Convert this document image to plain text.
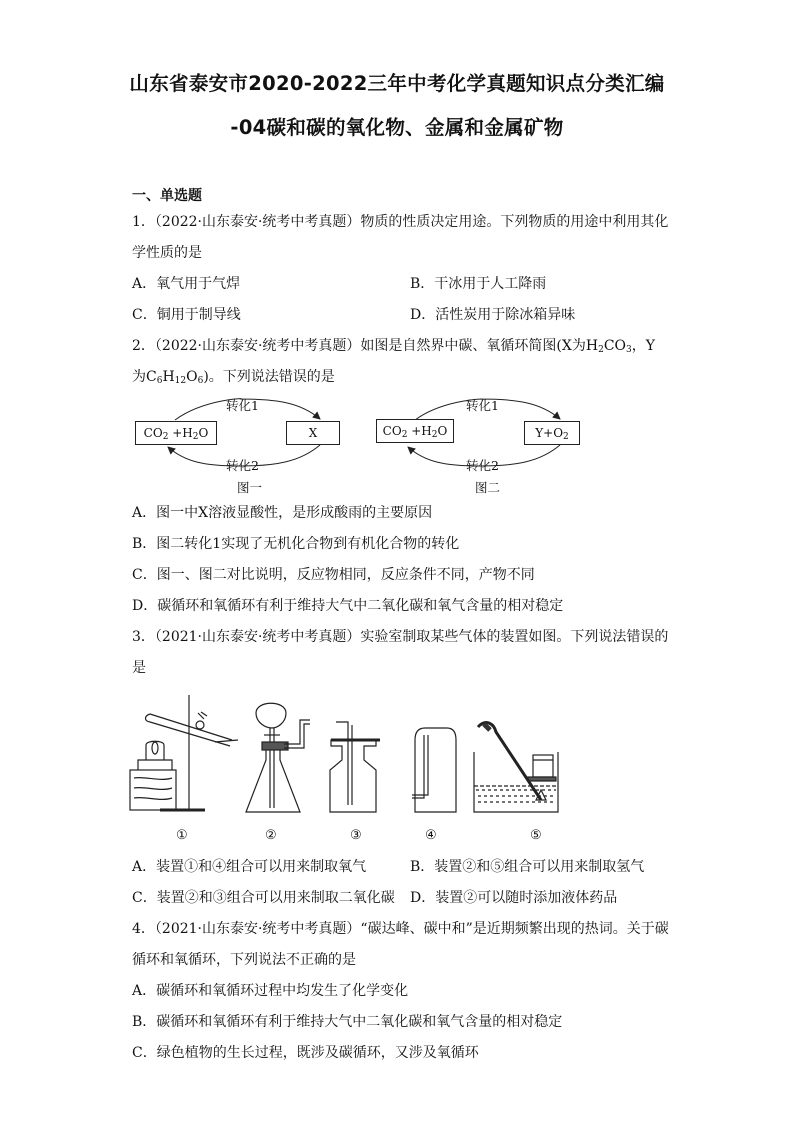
山东省泰安市2020-2022三年中考化学真题知识点分类汇编
-04碳和碳的氧化物、金属和金属矿物
一、单选题
1．（2022·山东泰安·统考中考真题）物质的性质决定用途。下列物质的用途中利用其化
学性质的是
A．氧气用于气焊	B．干冰用于人工降雨
C．铜用于制导线	D．活性炭用于除冰箱异味
2．（2022·山东泰安·统考中考真题）如图是自然界中碳、氧循环简图(X为$H_2CO_3$，Y
为$C_6H_{12}O_6$)。下列说法错误的是
转化1
$CO_2 +H_2O$	X
转化2
图一
转化1
$CO_2 +H_2O$	$Y+O_2$
转化2
图二
A．图一中X溶液显酸性，是形成酸雨的主要原因
B．图二转化1实现了无机化合物到有机化合物的转化
C．图一、图二对比说明，反应物相同，反应条件不同，产物不同
D．碳循环和氧循环有利于维持大气中二氧化碳和氧气含量的相对稳定
3．（2021·山东泰安·统考中考真题）实验室制取某些气体的装置如图。下列说法错误的
是
①	②	③	④	⑤
A．装置①和④组合可以用来制取氧气	B．装置②和⑤组合可以用来制取氢气
C．装置②和③组合可以用来制取二氧化碳 D．装置②可以随时添加液体药品
4．（2021·山东泰安·统考中考真题）“碳达峰、碳中和”是近期频繁出现的热词。关于碳
循环和氧循环，下列说法不正确的是
A．碳循环和氧循环过程中均发生了化学变化
B．碳循环和氧循环有利于维持大气中二氧化碳和氧气含量的相对稳定
C．绿色植物的生长过程，既涉及碳循环，又涉及氧循环
